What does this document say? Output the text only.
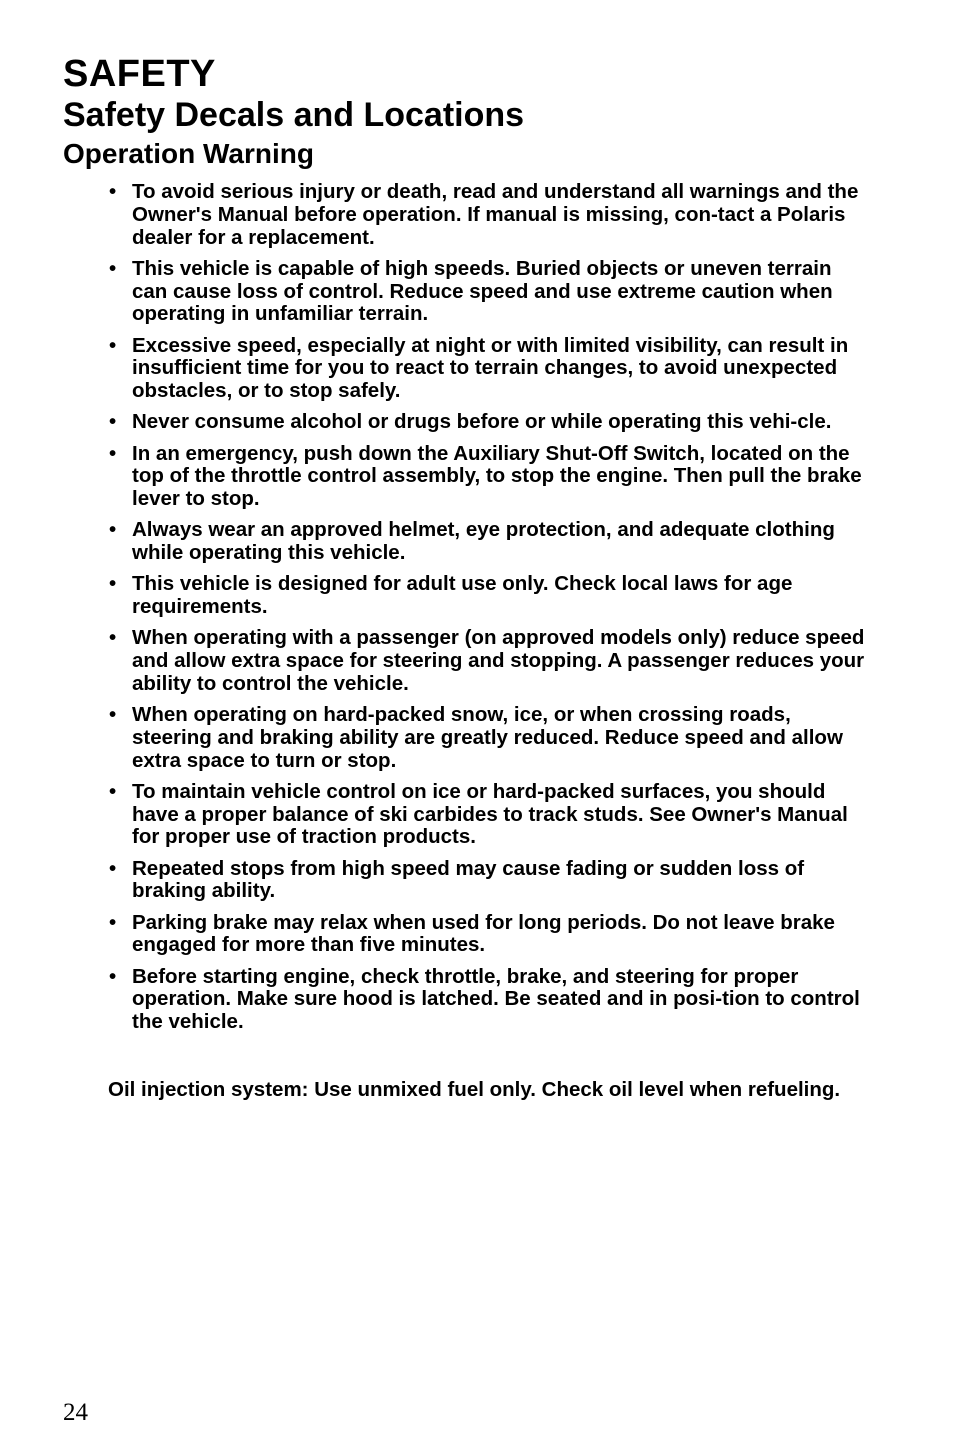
SAFETY
Safety Decals and Locations
Operation Warning
• To avoid serious injury or death, read and understand all warnings and the Owner's Manual before operation. If manual is missing, con-tact a Polaris dealer for a replacement.
• This vehicle is capable of high speeds. Buried objects or uneven terrain can cause loss of control. Reduce speed and use extreme caution when operating in unfamiliar terrain.
• Excessive speed, especially at night or with limited visibility, can result in insufficient time for you to react to terrain changes, to avoid unexpected obstacles, or to stop safely.
• Never consume alcohol or drugs before or while operating this vehi-cle.
• In an emergency, push down the Auxiliary Shut-Off Switch, located on the top of the throttle control assembly, to stop the engine. Then pull the brake lever to stop.
• Always wear an approved helmet, eye protection, and adequate clothing while operating this vehicle.
• This vehicle is designed for adult use only. Check local laws for age requirements.
• When operating with a passenger (on approved models only) reduce speed and allow extra space for steering and stopping. A passenger reduces your ability to control the vehicle.
• When operating on hard-packed snow, ice, or when crossing roads, steering and braking ability are greatly reduced. Reduce speed and allow extra space to turn or stop.
• To maintain vehicle control on ice or hard-packed surfaces, you should have a proper balance of ski carbides to track studs. See Owner's Manual for proper use of traction products.
• Repeated stops from high speed may cause fading or sudden loss of braking ability.
• Parking brake may relax when used for long periods. Do not leave brake engaged for more than five minutes.
• Before starting engine, check throttle, brake, and steering for proper operation. Make sure hood is latched. Be seated and in posi-tion to control the vehicle.

Oil injection system: Use unmixed fuel only. Check oil level when refueling.

24
